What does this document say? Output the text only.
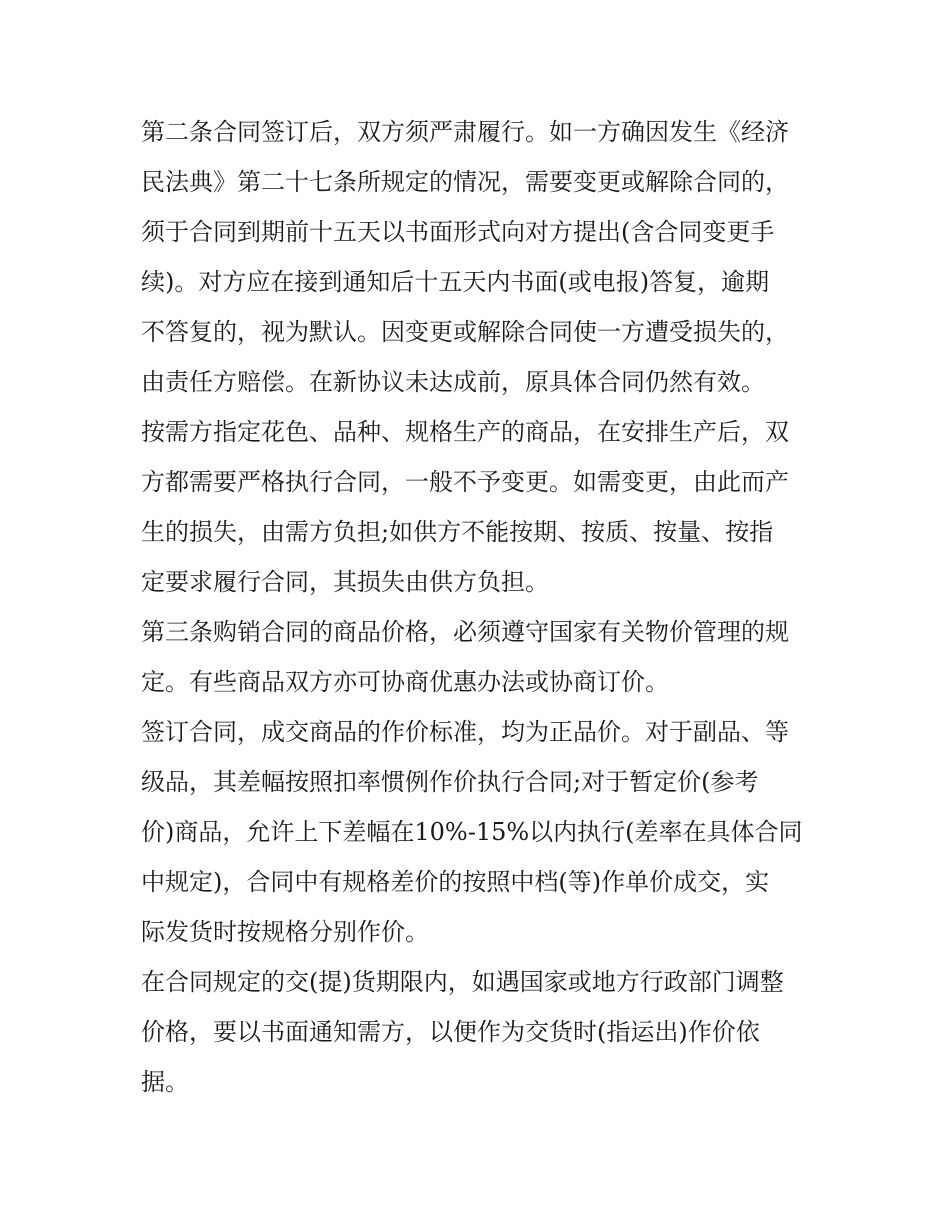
第二条合同签订后，双方须严肃履行。如一方确因发生《经济
民法典》第二十七条所规定的情况，需要变更或解除合同的，
须于合同到期前十五天以书面形式向对方提出(含合同变更手
续)。对方应在接到通知后十五天内书面(或电报)答复，逾期
不答复的，视为默认。因变更或解除合同使一方遭受损失的，
由责任方赔偿。在新协议未达成前，原具体合同仍然有效。
按需方指定花色、品种、规格生产的商品，在安排生产后，双
方都需要严格执行合同，一般不予变更。如需变更，由此而产
生的损失，由需方负担;如供方不能按期、按质、按量、按指
定要求履行合同，其损失由供方负担。
第三条购销合同的商品价格，必须遵守国家有关物价管理的规
定。有些商品双方亦可协商优惠办法或协商订价。
签订合同，成交商品的作价标准，均为正品价。对于副品、等
级品，其差幅按照扣率惯例作价执行合同;对于暂定价(参考
价)商品，允许上下差幅在10%-15%以内执行(差率在具体合同
中规定)，合同中有规格差价的按照中档(等)作单价成交，实
际发货时按规格分别作价。
在合同规定的交(提)货期限内，如遇国家或地方行政部门调整
价格，要以书面通知需方，以便作为交货时(指运出)作价依
据。
